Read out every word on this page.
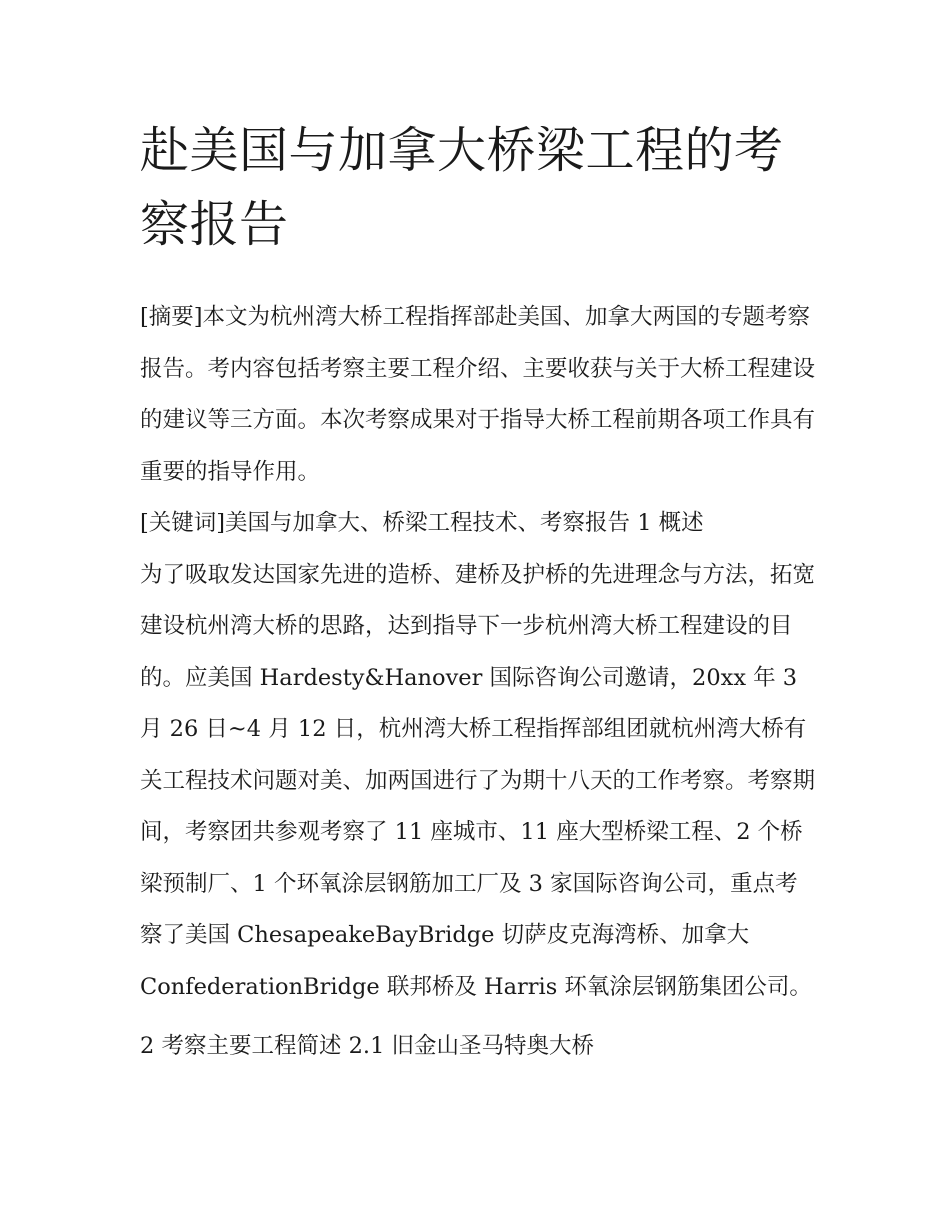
赴美国与加拿大桥梁工程的考察报告

[摘要]本文为杭州湾大桥工程指挥部赴美国、加拿大两国的专题考察报告。考内容包括考察主要工程介绍、主要收获与关于大桥工程建设的建议等三方面。本次考察成果对于指导大桥工程前期各项工作具有重要的指导作用。

[关键词]美国与加拿大、桥梁工程技术、考察报告 1 概述

为了吸取发达国家先进的造桥、建桥及护桥的先进理念与方法，拓宽建设杭州湾大桥的思路，达到指导下一步杭州湾大桥工程建设的目的。应美国 Hardesty&Hanover 国际咨询公司邀请，20xx 年 3 月 26 日~4 月 12 日，杭州湾大桥工程指挥部组团就杭州湾大桥有关工程技术问题对美、加两国进行了为期十八天的工作考察。考察期间，考察团共参观考察了 11 座城市、11 座大型桥梁工程、2 个桥梁预制厂、1 个环氧涂层钢筋加工厂及 3 家国际咨询公司，重点考察了美国 ChesapeakeBayBridge 切萨皮克海湾桥、加拿大 ConfederationBridge 联邦桥及 Harris 环氧涂层钢筋集团公司。

2 考察主要工程简述 2.1 旧金山圣马特奥大桥
